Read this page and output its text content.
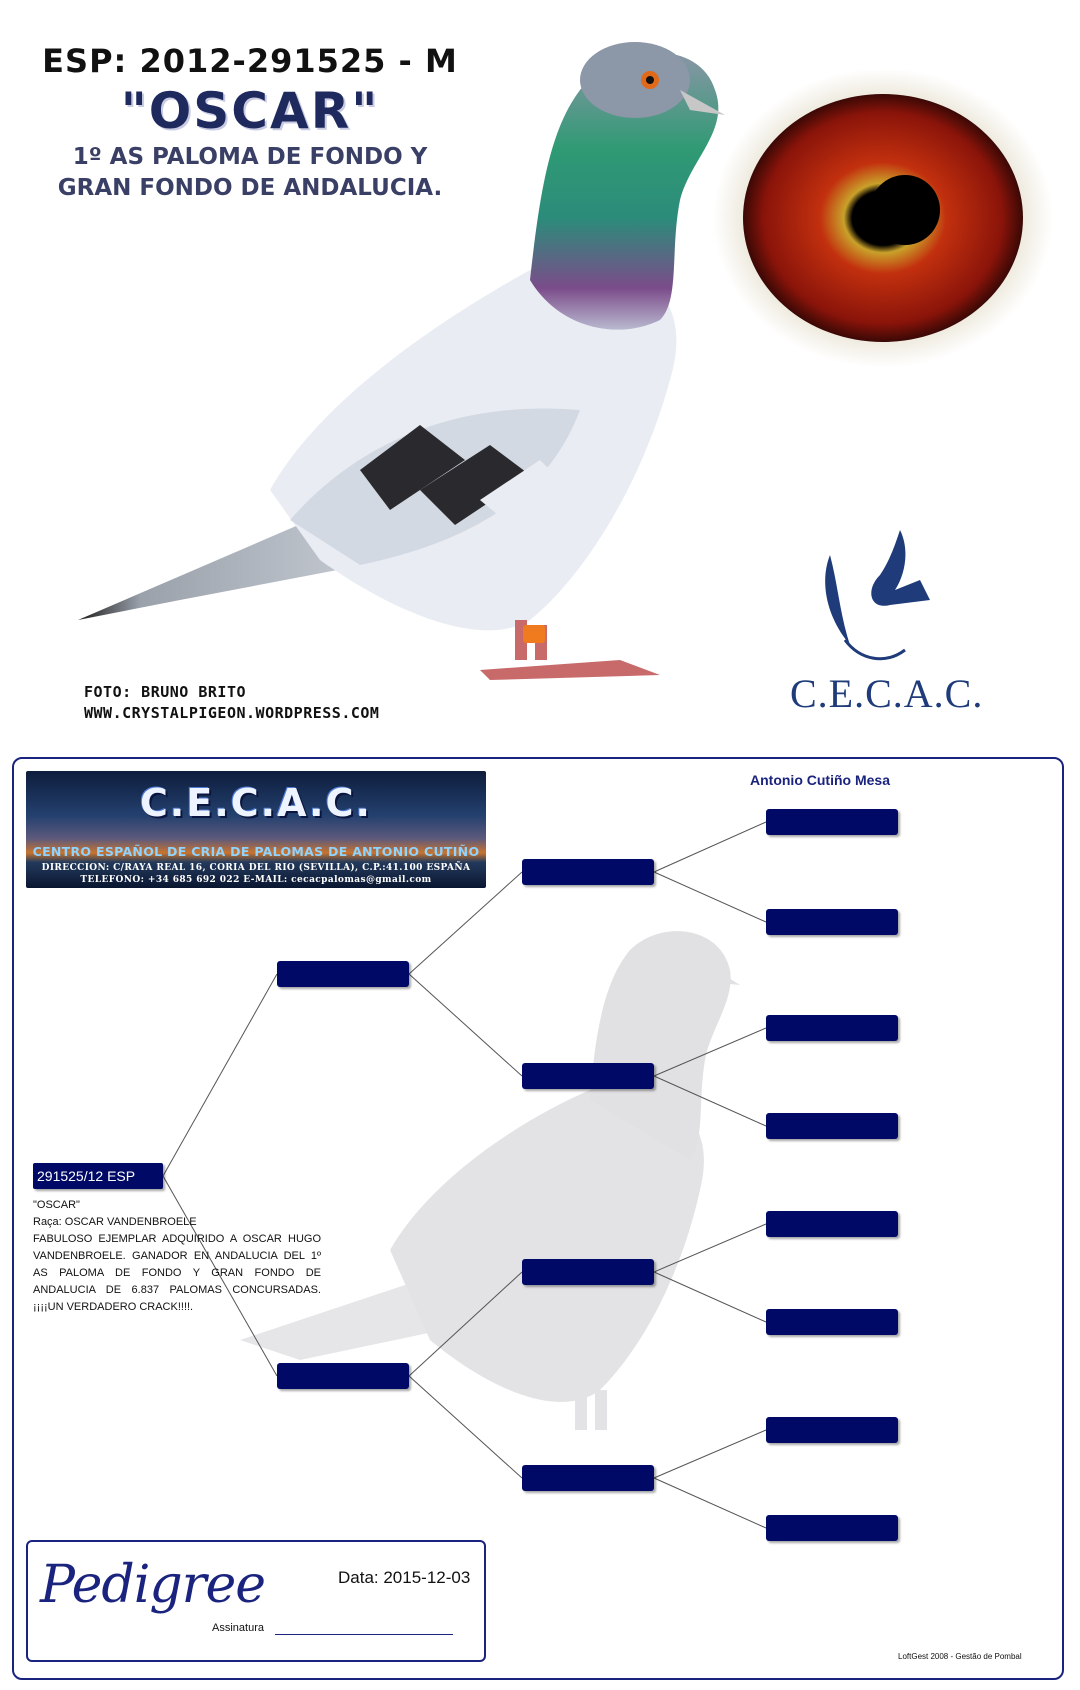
ESP: 2012-291525 - M
"OSCAR"
1º AS PALOMA DE FONDO Y
GRAN FONDO DE ANDALUCIA.
FOTO: BRUNO BRITO
WWW.CRYSTALPIGEON.WORDPRESS.COM	C.E.C.A.C.
C.E.C.A.C.
CENTRO ESPAÑOL DE CRIA DE PALOMAS DE ANTONIO CUTIÑO
DIRECCION: C/RAYA REAL 16, CORIA DEL RIO (SEVILLA), C.P.:41.100 ESPAÑA
TELEFONO: +34 685 692 022 E-MAIL: cecacpalomas@gmail.com
Antonio Cutiño Mesa
291525/12 ESP
"OSCAR"
Raça: OSCAR VANDENBROELE
FABULOSO EJEMPLAR ADQUIRIDO A OSCAR HUGO VANDENBROELE. GANADOR EN ANDALUCIA DEL 1º AS PALOMA DE FONDO Y GRAN FONDO DE ANDALUCIA DE 6.837 PALOMAS CONCURSADAS. ¡¡¡¡UN VERDADERO CRACK!!!!.
Pedigree	Data: 2015-12-03
Assinatura
LoftGest 2008 - Gestão de Pombal
